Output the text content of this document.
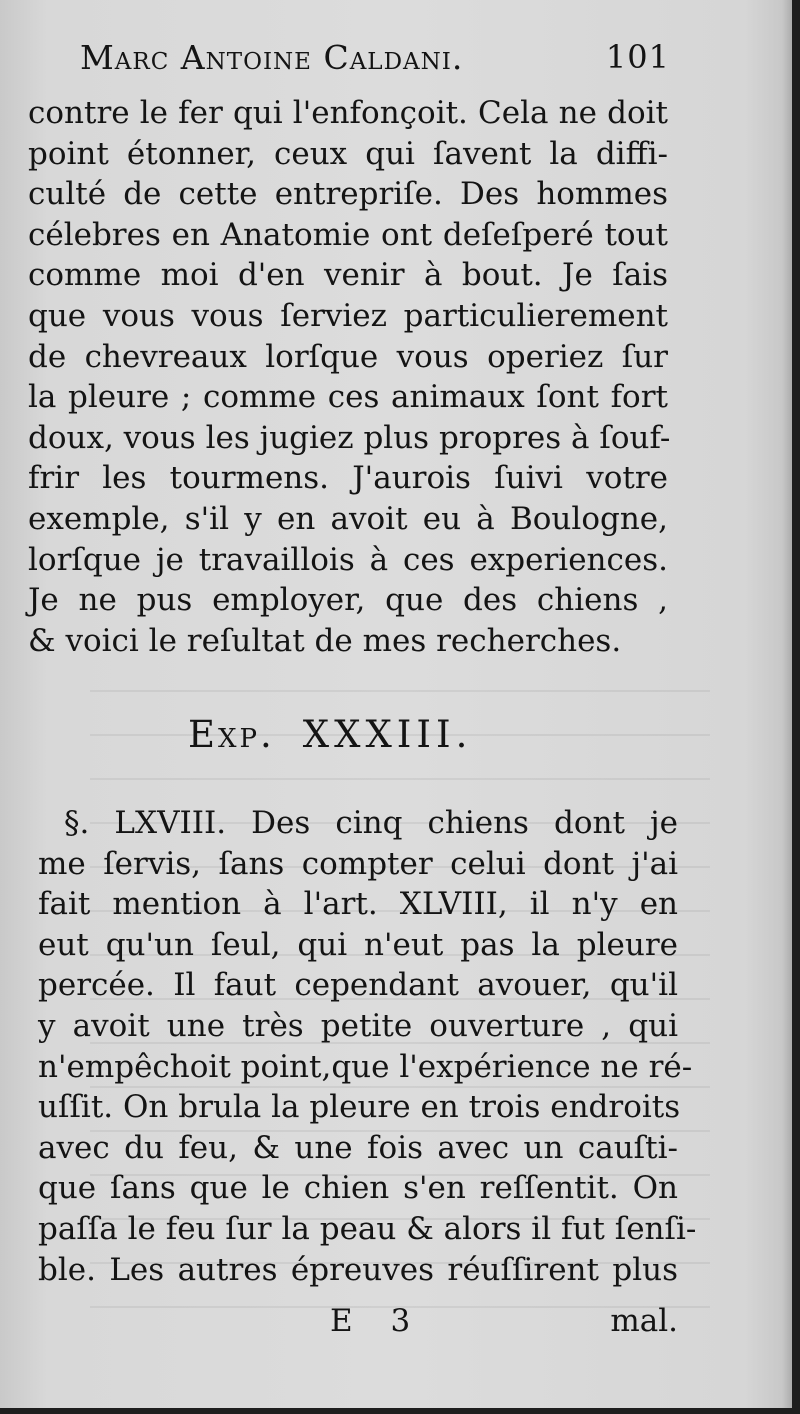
Marc Antoine Caldani.	101
contre le fer qui l'enfonçoit. Cela ne doit
point étonner, ceux qui ſavent la diffi-
culté de cette entrepriſe. Des hommes
célebres en Anatomie ont deſeſperé tout
comme moi d'en venir à bout. Je ſais
que vous vous ſerviez particulierement
de chevreaux lorſque vous operiez ſur
la pleure ; comme ces animaux ſont fort
doux, vous les jugiez plus propres à ſouf-
frir les tourmens. J'aurois ſuivi votre
exemple, s'il y en avoit eu à Boulogne,
lorſque je travaillois à ces experiences.
Je ne pus employer, que des chiens ,
& voici le reſultat de mes recherches.
Exp. XXXIII.
§. LXVIII. Des cinq chiens dont je
me ſervis, ſans compter celui dont j'ai
fait mention à l'art. XLVIII, il n'y en
eut qu'un ſeul, qui n'eut pas la pleure
percée. Il faut cependant avouer, qu'il
y avoit une très petite ouverture , qui
n'empêchoit point,que l'expérience ne ré-
uſſit. On brula la pleure en trois endroits
avec du feu, & une fois avec un cauſti-
que ſans que le chien s'en reſſentit. On
paſſa le feu ſur la peau & alors il fut ſenſi-
ble. Les autres épreuves réuſſirent plus
E 3	mal.
